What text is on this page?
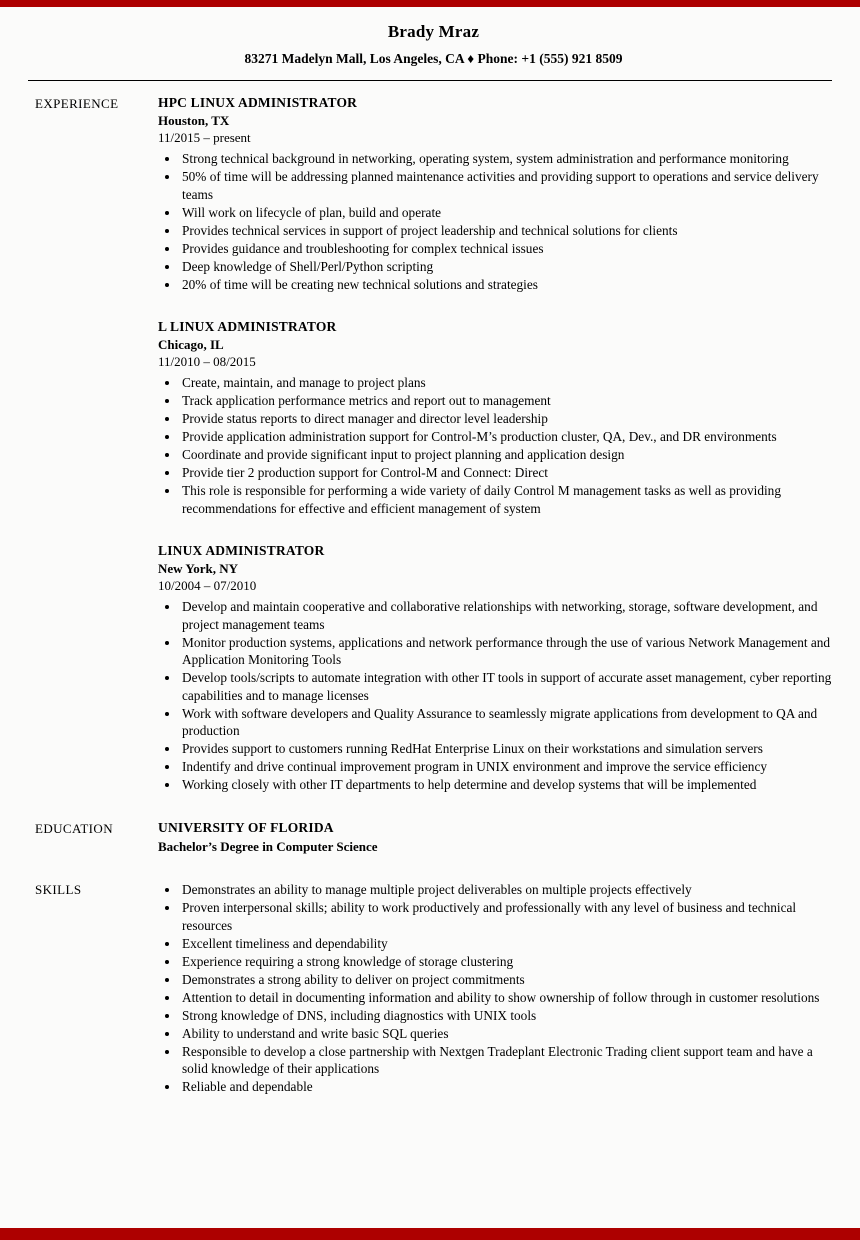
Brady Mraz
83271 Madelyn Mall, Los Angeles, CA ♦ Phone: +1 (555) 921 8509
EXPERIENCE	HPC LINUX ADMINISTRATOR
Houston, TX
11/2015 – present
• Strong technical background in networking, operating system, system administration and performance monitoring
• 50% of time will be addressing planned maintenance activities and providing support to operations and service delivery teams
• Will work on lifecycle of plan, build and operate
• Provides technical services in support of project leadership and technical solutions for clients
• Provides guidance and troubleshooting for complex technical issues
• Deep knowledge of Shell/Perl/Python scripting
• 20% of time will be creating new technical solutions and strategies
L LINUX ADMINISTRATOR
Chicago, IL
11/2010 – 08/2015
• Create, maintain, and manage to project plans
• Track application performance metrics and report out to management
• Provide status reports to direct manager and director level leadership
• Provide application administration support for Control-M’s production cluster, QA, Dev., and DR environments
• Coordinate and provide significant input to project planning and application design
• Provide tier 2 production support for Control-M and Connect: Direct
• This role is responsible for performing a wide variety of daily Control M management tasks as well as providing recommendations for effective and efficient management of system
LINUX ADMINISTRATOR
New York, NY
10/2004 – 07/2010
• Develop and maintain cooperative and collaborative relationships with networking, storage, software development, and project management teams
• Monitor production systems, applications and network performance through the use of various Network Management and Application Monitoring Tools
• Develop tools/scripts to automate integration with other IT tools in support of accurate asset management, cyber reporting capabilities and to manage licenses
• Work with software developers and Quality Assurance to seamlessly migrate applications from development to QA and production
• Provides support to customers running RedHat Enterprise Linux on their workstations and simulation servers
• Indentify and drive continual improvement program in UNIX environment and improve the service efficiency
• Working closely with other IT departments to help determine and develop systems that will be implemented
EDUCATION	UNIVERSITY OF FLORIDA
Bachelor’s Degree in Computer Science
SKILLS	• Demonstrates an ability to manage multiple project deliverables on multiple projects effectively
• Proven interpersonal skills; ability to work productively and professionally with any level of business and technical resources
• Excellent timeliness and dependability
• Experience requiring a strong knowledge of storage clustering
• Demonstrates a strong ability to deliver on project commitments
• Attention to detail in documenting information and ability to show ownership of follow through in customer resolutions
• Strong knowledge of DNS, including diagnostics with UNIX tools
• Ability to understand and write basic SQL queries
• Responsible to develop a close partnership with Nextgen Tradeplant Electronic Trading client support team and have a solid knowledge of their applications
• Reliable and dependable
